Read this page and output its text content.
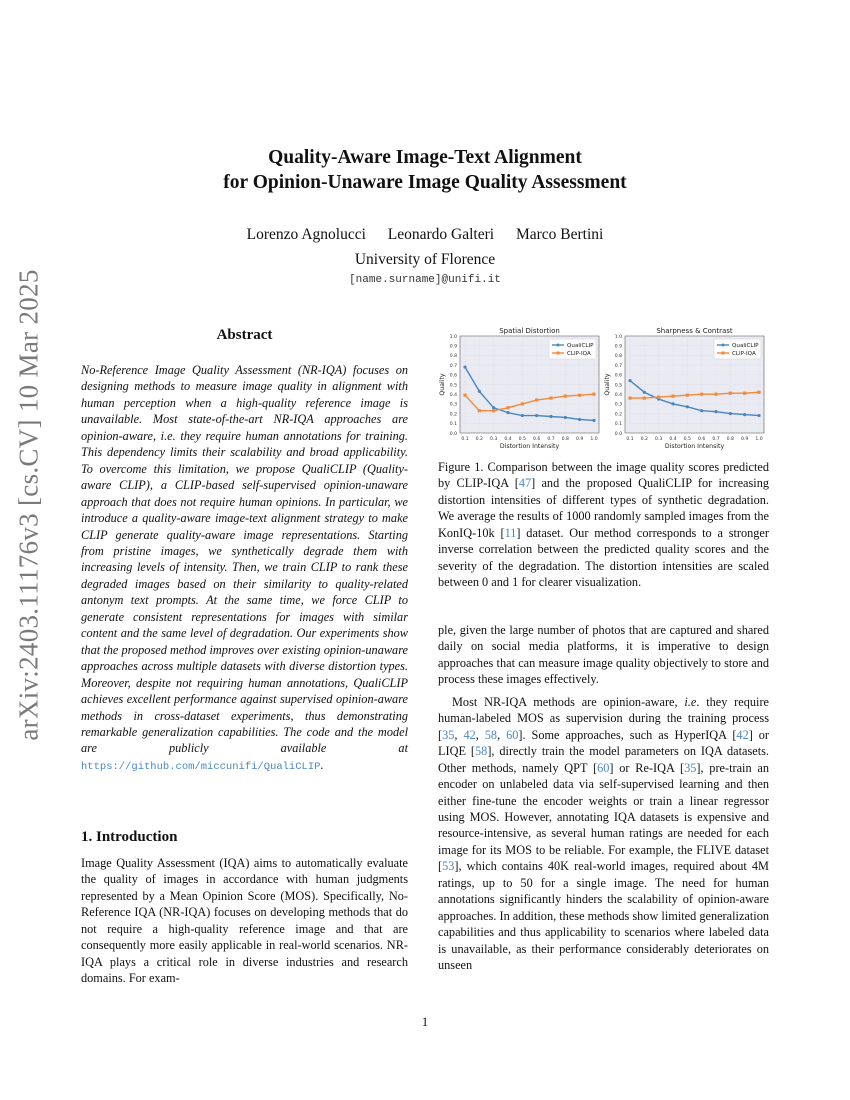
arXiv:2403.11176v3 [cs.CV] 10 Mar 2025
Quality-Aware Image-Text Alignment
for Opinion-Unaware Image Quality Assessment
Lorenzo Agnolucci Leonardo Galteri Marco Bertini
University of Florence
[name.surname]@unifi.it
Abstract
No-Reference Image Quality Assessment (NR-IQA) focuses on designing methods to measure image quality in alignment with human perception when a high-quality reference image is unavailable. Most state-of-the-art NR-IQA approaches are opinion-aware, i.e. they require human annotations for training. This dependency limits their scalability and broad applicability. To overcome this limitation, we propose QualiCLIP (Quality-aware CLIP), a CLIP-based self-supervised opinion-unaware approach that does not require human opinions. In particular, we introduce a quality-aware image-text alignment strategy to make CLIP generate quality-aware image representations. Starting from pristine images, we synthetically degrade them with increasing levels of intensity. Then, we train CLIP to rank these degraded images based on their similarity to quality-related antonym text prompts. At the same time, we force CLIP to generate consistent representations for images with similar content and the same level of degradation. Our experiments show that the proposed method improves over existing opinion-unaware approaches across multiple datasets with diverse distortion types. Moreover, despite not requiring human annotations, QualiCLIP achieves excellent performance against supervised opinion-aware methods in cross-dataset experiments, thus demonstrating remarkable generalization capabilities. The code and the model are publicly available at https://github.com/miccunifi/QualiCLIP.
1. Introduction
Image Quality Assessment (IQA) aims to automatically evaluate the quality of images in accordance with human judgments represented by a Mean Opinion Score (MOS). Specifically, No-Reference IQA (NR-IQA) focuses on developing methods that do not require a high-quality reference image and that are consequently more easily applicable in real-world scenarios. NR-IQA plays a critical role in diverse industries and research domains. For exam-
0.0
0.1
0.2
0.3
0.4
0.5
0.6
0.7
0.8
0.9
1.0
0.1 0.2 0.3 0.4 0.5 0.6 0.7 0.8 0.9 1.0
Spatial Distortion
Distortion Intensity
Quality
QualiCLIP
CLIP-IQA
0.0
0.1
0.2
0.3
0.4
0.5
0.6
0.7
0.8
0.9
1.0
0.1 0.2 0.3 0.4 0.5 0.6 0.7 0.8 0.9 1.0
Sharpness & Contrast
Distortion Intensity
Quality
QualiCLIP
CLIP-IQA
Figure 1. Comparison between the image quality scores predicted by CLIP-IQA [47] and the proposed QualiCLIP for increasing distortion intensities of different types of synthetic degradation. We average the results of 1000 randomly sampled images from the KonIQ-10k [11] dataset. Our method corresponds to a stronger inverse correlation between the predicted quality scores and the severity of the degradation. The distortion intensities are scaled between 0 and 1 for clearer visualization.

ple, given the large number of photos that are captured and shared daily on social media platforms, it is imperative to design approaches that can measure image quality objectively to store and process these images effectively.

Most NR-IQA methods are opinion-aware, i.e. they require human-labeled MOS as supervision during the training process [35, 42, 58, 60]. Some approaches, such as HyperIQA [42] or LIQE [58], directly train the model parameters on IQA datasets. Other methods, namely QPT [60] or Re-IQA [35], pre-train an encoder on unlabeled data via self-supervised learning and then either fine-tune the encoder weights or train a linear regressor using MOS. However, annotating IQA datasets is expensive and resource-intensive, as several human ratings are needed for each image for its MOS to be reliable. For example, the FLIVE dataset [53], which contains 40K real-world images, required about 4M ratings, up to 50 for a single image. The need for human annotations significantly hinders the scalability of opinion-aware approaches. In addition, these methods show limited generalization capabilities and thus applicability to scenarios where labeled data is unavailable, as their performance considerably deteriorates on unseen

1
